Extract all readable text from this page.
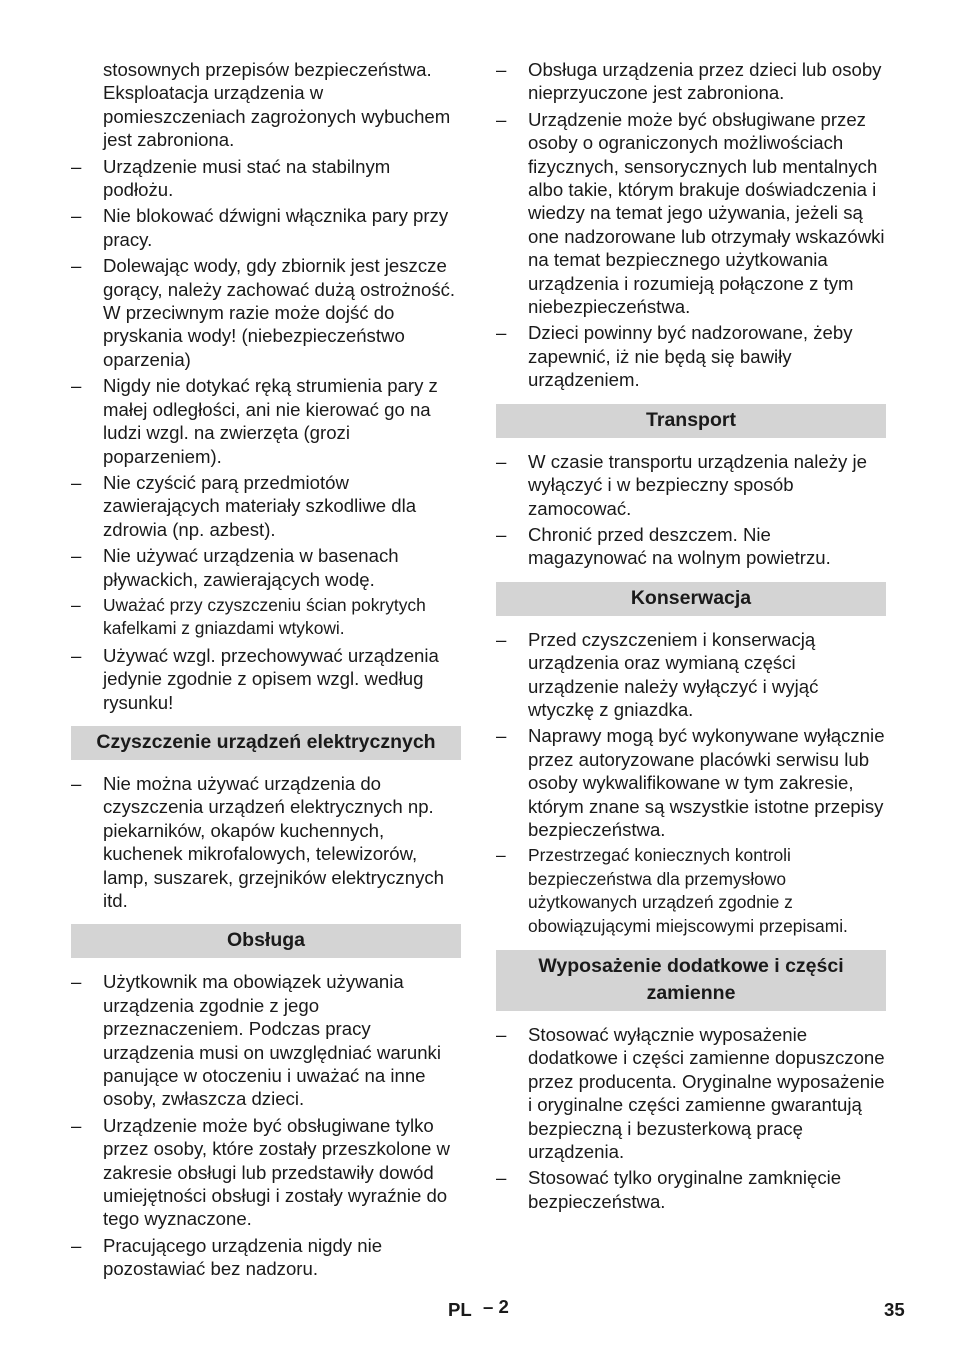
stosownych przepisów bezpieczeństwa. Eksploatacja urządzenia w pomieszczeniach zagrożonych wybuchem jest zabroniona.

–	Urządzenie musi stać na stabilnym podłożu.
–	Nie blokować dźwigni włącznika pary przy pracy.
–	Dolewając wody, gdy zbiornik jest jeszcze gorący, należy zachować dużą ostrożność. W przeciwnym razie może dojść do pryskania wody! (niebezpieczeństwo oparzenia)
–	Nigdy nie dotykać ręką strumienia pary z małej odległości, ani nie kierować go na ludzi wzgl. na zwierzęta (grozi poparzeniem).
–	Nie czyścić parą przedmiotów zawierających materiały szkodliwe dla zdrowia (np. azbest).
–	Nie używać urządzenia w basenach pływackich, zawierających wodę.
–	Uważać przy czyszczeniu ścian pokrytych kafelkami z gniazdami wtykowi.
–	Używać wzgl. przechowywać urządzenia jedynie zgodnie z opisem wzgl. według rysunku!
Czyszczenie urządzeń elektrycznych
–	Nie można używać urządzenia do czyszczenia urządzeń elektrycznych np. piekarników, okapów kuchennych, kuchenek mikrofalowych, telewizorów, lamp, suszarek, grzejników elektrycznych itd.
Obsługa
–	Użytkownik ma obowiązek używania urządzenia zgodnie z jego przeznaczeniem. Podczas pracy urządzenia musi on uwzględniać warunki panujące w otoczeniu i uważać na inne osoby, zwłaszcza dzieci.
–	Urządzenie może być obsługiwane tylko przez osoby, które zostały przeszkolone w zakresie obsługi lub przedstawiły dowód umiejętności obsługi i zostały wyraźnie do tego wyznaczone.
–	Pracującego urządzenia nigdy nie pozostawiać bez nadzoru.
–	Obsługa urządzenia przez dzieci lub osoby nieprzyuczone jest zabroniona.
–	Urządzenie może być obsługiwane przez osoby o ograniczonych możliwościach fizycznych, sensorycznych lub mentalnych albo takie, którym brakuje doświadczenia i wiedzy na temat jego używania, jeżeli są one nadzorowane lub otrzymały wskazówki na temat bezpiecznego użytkowania urządzenia i rozumieją połączone z tym niebezpieczeństwa.
–	Dzieci powinny być nadzorowane, żeby zapewnić, iż nie będą się bawiły urządzeniem.
Transport
–	W czasie transportu urządzenia należy je wyłączyć i w bezpieczny sposób zamocować.
–	Chronić przed deszczem. Nie magazynować na wolnym powietrzu.
Konserwacja
–	Przed czyszczeniem i konserwacją urządzenia oraz wymianą części urządzenie należy wyłączyć i wyjąć wtyczkę z gniazdka.
–	Naprawy mogą być wykonywane wyłącznie przez autoryzowane placówki serwisu lub osoby wykwalifikowane w tym zakresie, którym znane są wszystkie istotne przepisy bezpieczeństwa.
–	Przestrzegać koniecznych kontroli bezpieczeństwa dla przemysłowo użytkowanych urządzeń zgodnie z obowiązującymi miejscowymi przepisami.
Wyposażenie dodatkowe i części zamienne
–	Stosować wyłącznie wyposażenie dodatkowe i części zamienne dopuszczone przez producenta. Oryginalne wyposażenie i oryginalne części zamienne gwarantują bezpieczną i bezusterkową pracę urządzenia.
–	Stosować tylko oryginalne zamknięcie bezpieczeństwa.
PL – 2	35
